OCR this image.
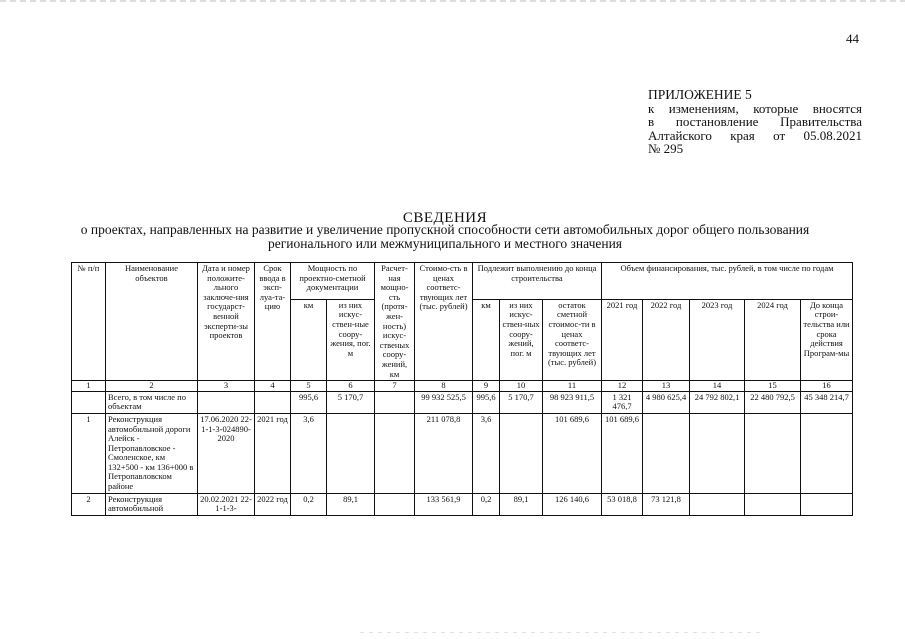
44
ПРИЛОЖЕНИЕ 5
к изменениям, которые вносятся
в постановление Правительства
Алтайского края от 05.08.2021
№ 295
СВЕДЕНИЯ
о проектах, направленных на развитие и увеличение пропускной способности сети автомобильных дорог общего пользования регионального или межмуниципального и местного значения
№ п/п	Наименование объектов	Дата и номер положите-льного заключе-ния государст-венной эксперти-зы проектов	Срок ввода в эксп-луа-та-цию	Мощность по проектно-сметной документации		Расчет-ная мощно-сть (протя-жен-ность) искус-ственых соору-жений, км	Стоимо-сть в ценах соответс-твующих лет (тыс. рублей)	Подлежит выполнению до конца строительства			Объем финансирования, тыс. рублей, в том числе по годам				
				км	из них искус-ствен-ные соору-жения, пог. м			км	из них искус-ствен-ных соору-жений, пог. м	остаток сметной стоимос-ти в ценах соответс-твующих лет (тыс. рублей)	2021 год	2022 год	2023 год	2024 год	До конца строи-тельства или срока действия Програм-мы
1	2	3	4	5	6	7	8	9	10	11	12	13	14	15	16
	Всего, в том числе по объектам			995,6	5 170,7		99 932 525,5	995,6	5 170,7	98 923 911,5	1 321 476,7	4 980 625,4	24 792 802,1	22 480 792,5	45 348 214,7
1	Реконструкция автомобильной дороги Алейск - Петропавловское - Смоленское, км 132+500 - км 136+000 в Петропавловском районе	17.06.2020 22-1-1-3-024890-2020	2021 год	3,6			211 078,8	3,6		101 689,6	101 689,6				
2	Реконструкция автомобильной	20.02.2021 22-1-1-3-	2022 год	0,2	89,1		133 561,9	0,2	89,1	126 140,6	53 018,8	73 121,8			
